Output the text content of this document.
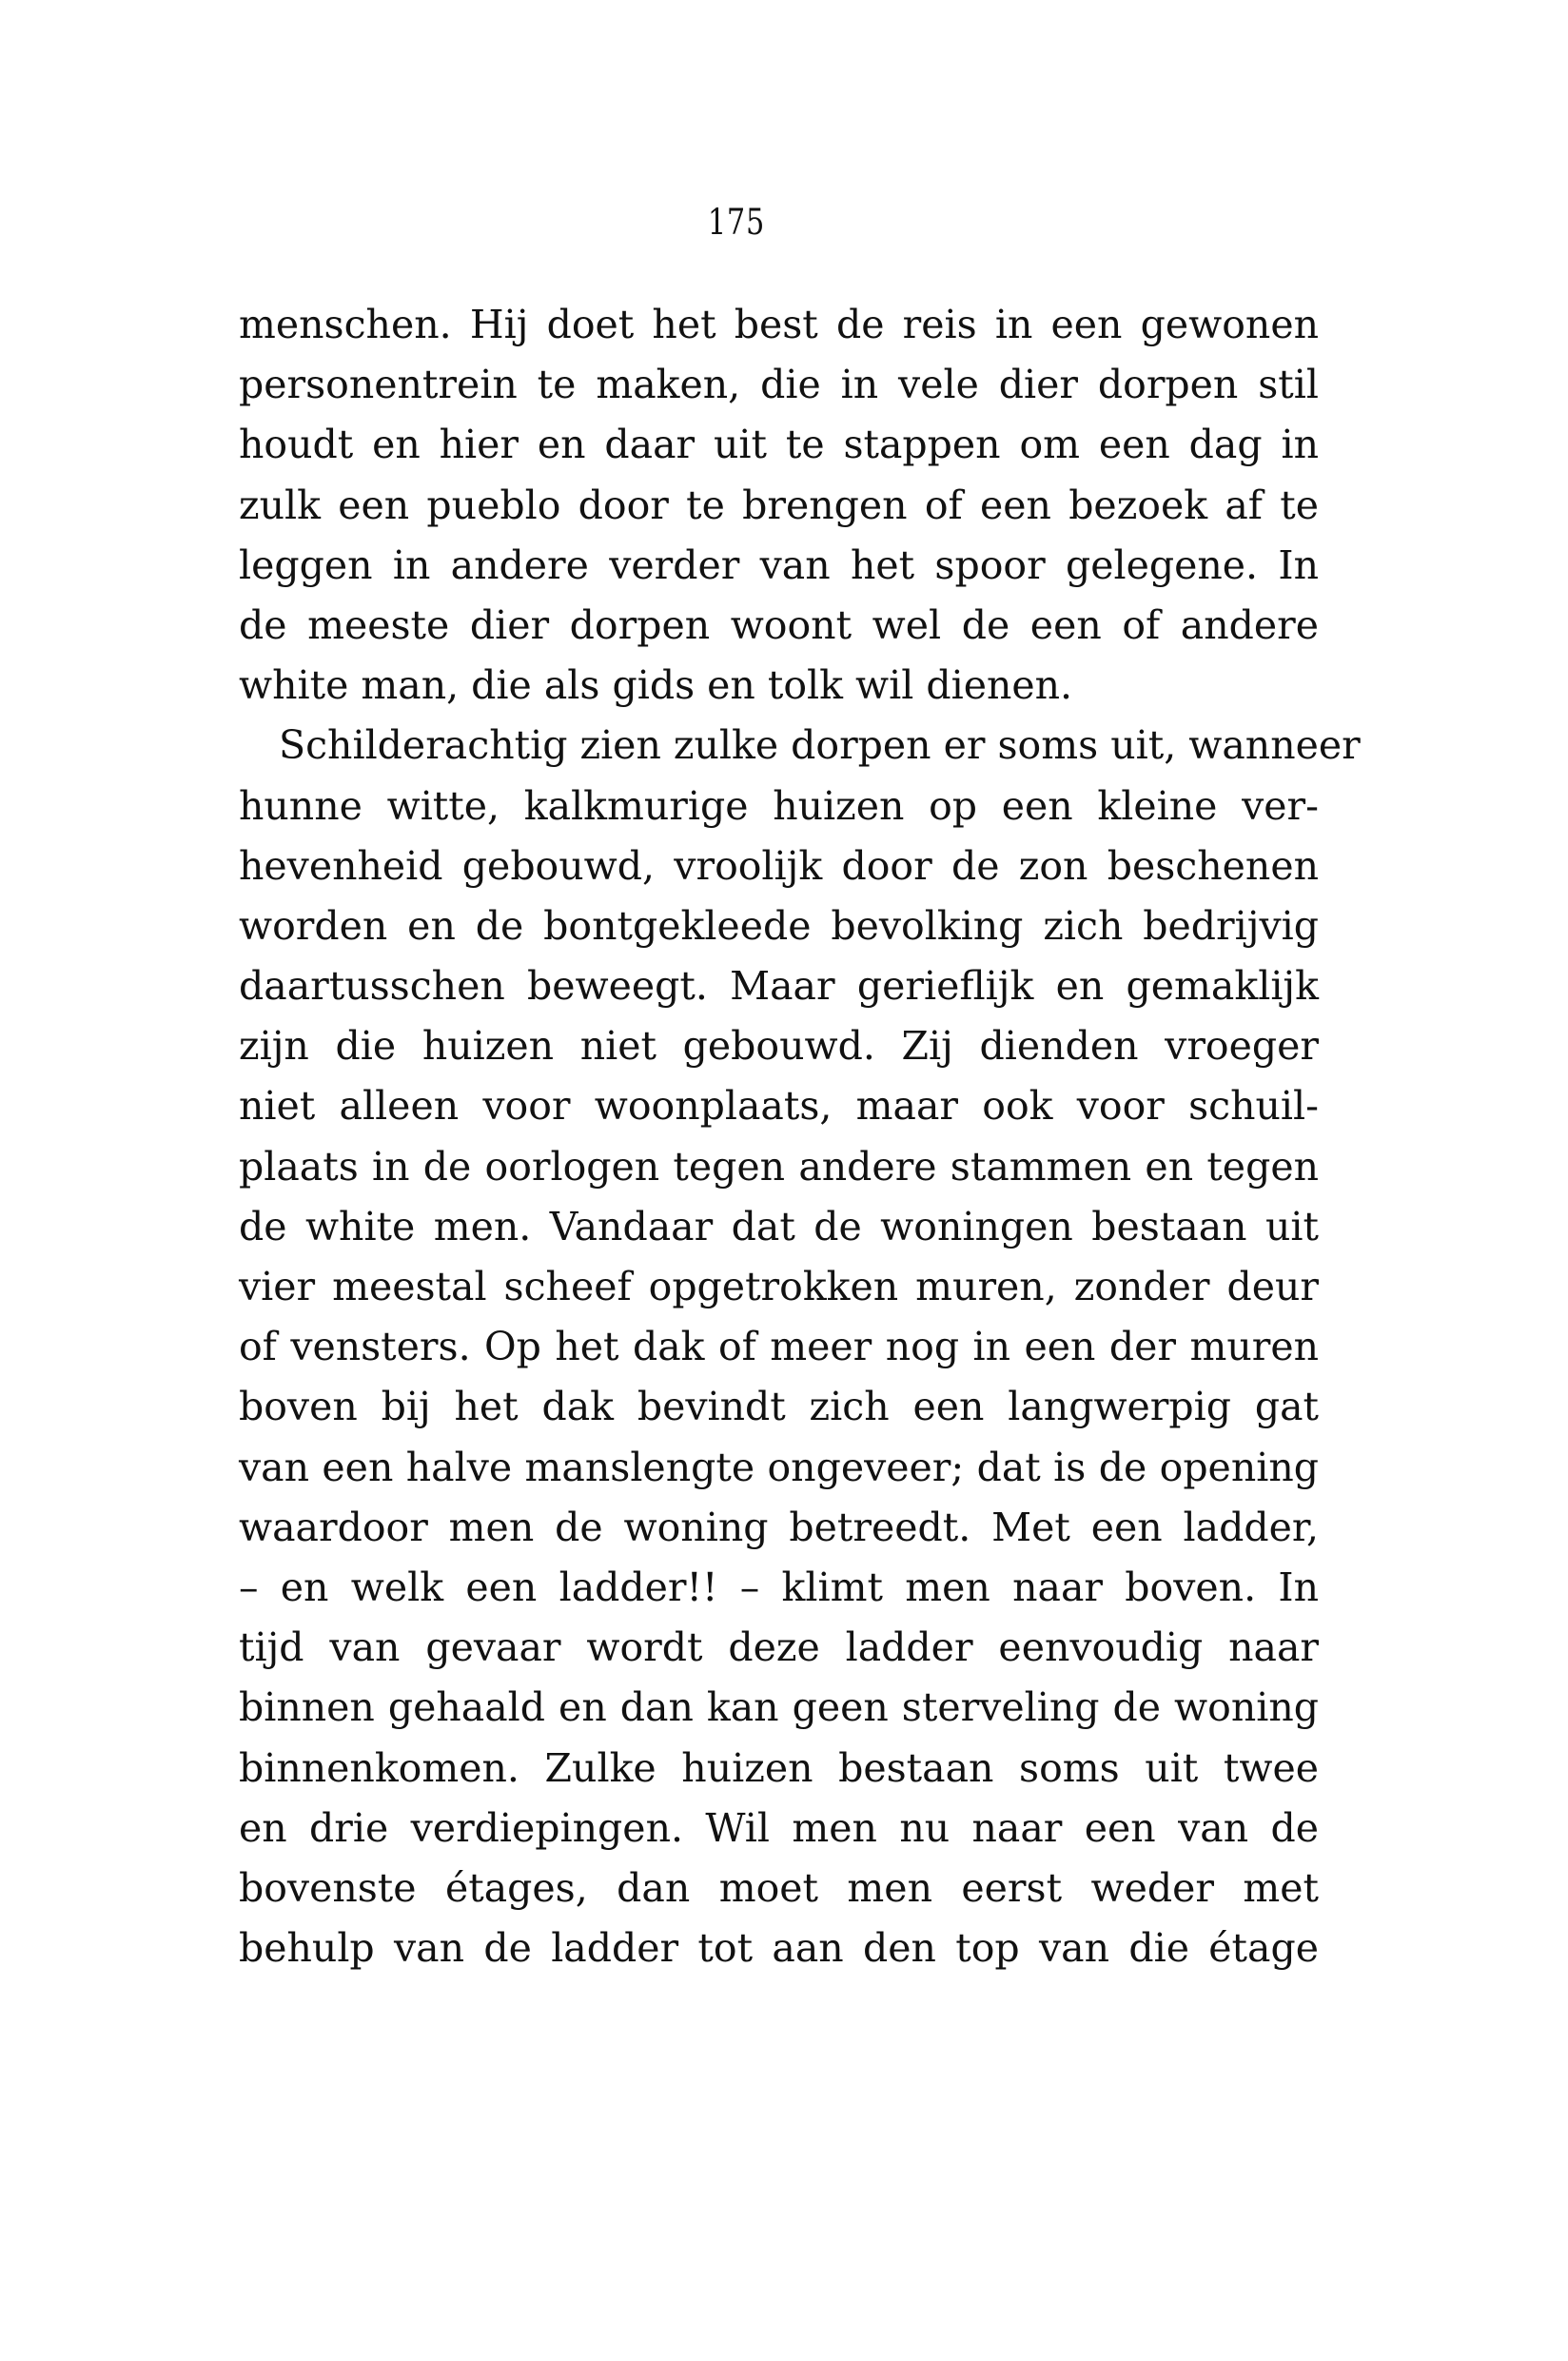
175
menschen. Hij doet het best de reis in een gewonen
personentrein te maken, die in vele dier dorpen stil
houdt en hier en daar uit te stappen om een dag in
zulk een pueblo door te brengen of een bezoek af te
leggen in andere verder van het spoor gelegene. In
de meeste dier dorpen woont wel de een of andere
white man, die als gids en tolk wil dienen.
Schilderachtig zien zulke dorpen er soms uit, wanneer
hunne witte, kalkmurige huizen op een kleine ver-
hevenheid gebouwd, vroolijk door de zon beschenen
worden en de bontgekleede bevolking zich bedrijvig
daartusschen beweegt. Maar gerieflijk en gemaklijk
zijn die huizen niet gebouwd. Zij dienden vroeger
niet alleen voor woonplaats, maar ook voor schuil-
plaats in de oorlogen tegen andere stammen en tegen
de white men. Vandaar dat de woningen bestaan uit
vier meestal scheef opgetrokken muren, zonder deur
of vensters. Op het dak of meer nog in een der muren
boven bij het dak bevindt zich een langwerpig gat
van een halve manslengte ongeveer; dat is de opening
waardoor men de woning betreedt. Met een ladder,
– en welk een ladder!! – klimt men naar boven. In
tijd van gevaar wordt deze ladder eenvoudig naar
binnen gehaald en dan kan geen sterveling de woning
binnenkomen. Zulke huizen bestaan soms uit twee
en drie verdiepingen. Wil men nu naar een van de
bovenste étages, dan moet men eerst weder met
behulp van de ladder tot aan den top van die étage
